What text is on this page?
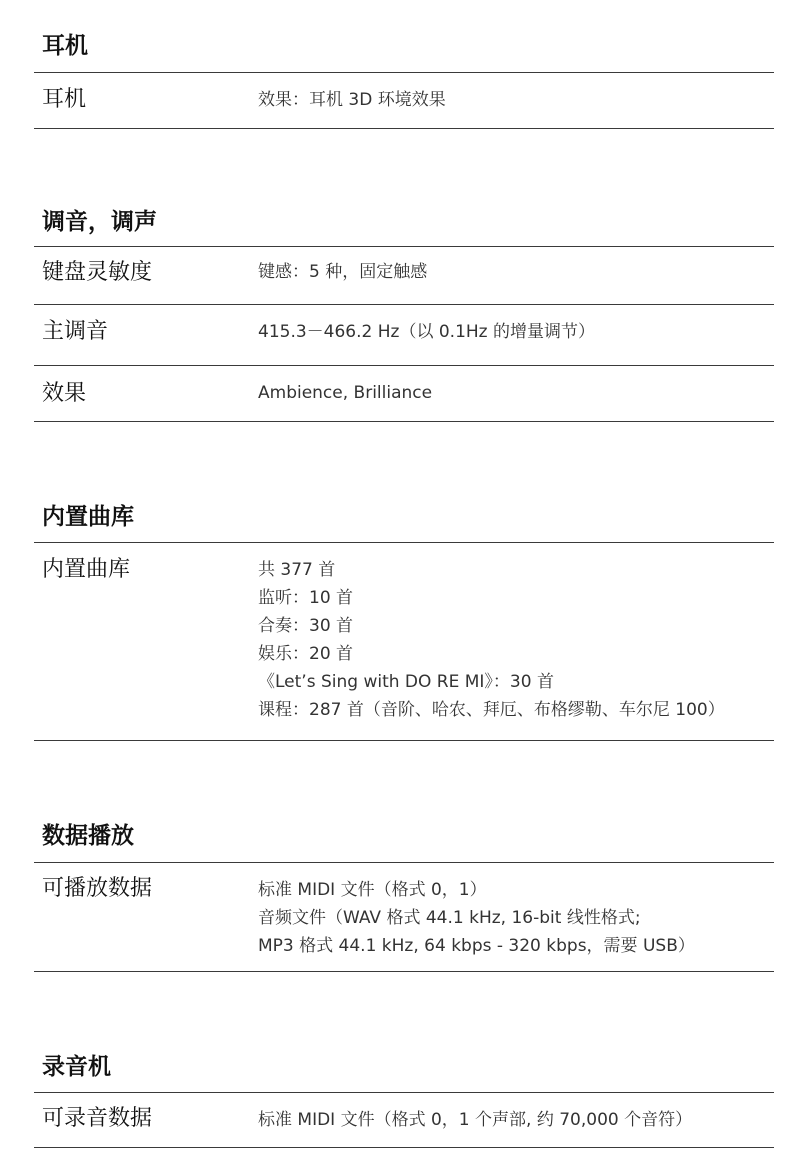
耳机
耳机	效果：耳机 3D 环境效果
调音，调声
键盘灵敏度	键感：5 种，固定触感
主调音	415.3－466.2 Hz（以 0.1Hz 的增量调节）
效果	Ambience, Brilliance
内置曲库
内置曲库	共 377 首
监听：10 首
合奏：30 首
娱乐：20 首
《Let’s Sing with DO RE MI》：30 首
课程：287 首（音阶、哈农、拜厄、布格缪勒、车尔尼 100）
数据播放
可播放数据	标准 MIDI 文件（格式 0，1）
音频文件（WAV 格式 44.1 kHz, 16-bit 线性格式;
MP3 格式 44.1 kHz, 64 kbps - 320 kbps，需要 USB）
录音机
可录音数据	标准 MIDI 文件（格式 0，1 个声部, 约 70,000 个音符）
